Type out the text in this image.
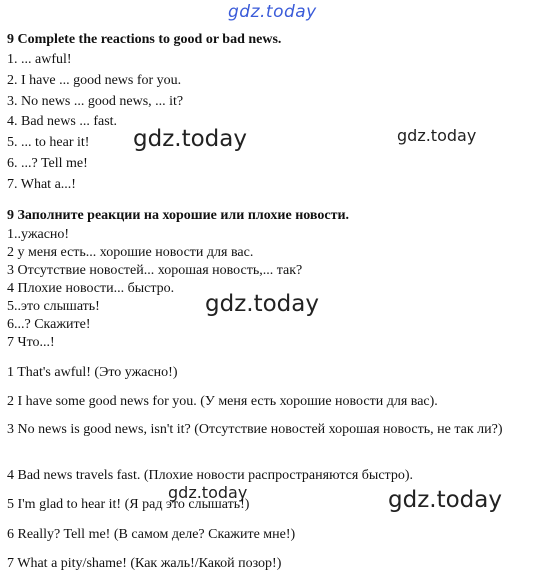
gdz.today
gdz.today	gdz.today
gdz.today
gdz.today	gdz.today
9 Complete the reactions to good or bad news.
1. ... awful!
2. I have ... good news for you.
3. No news ... good news, ... it?
4. Bad news ... fast.
5. ... to hear it!
6. ...? Tell me!
7. What a...!
9 Заполните реакции на хорошие или плохие новости.
1..ужасно!
2 у меня есть... хорошие новости для вас.
3 Отсутствие новостей... хорошая новость,... так?
4 Плохие новости... быстро.
5..это слышать!
6...? Скажите!
7 Что...!
1 That's awful! (Это ужасно!)
2 I have some good news for you. (У меня есть хорошие новости для вас).
3 No news is good news, isn't it? (Отсутствие новостей хорошая новость, не так ли?)
4 Bad news travels fast. (Плохие новости распространяются быстро).
5 I'm glad to hear it! (Я рад это слышать!)
6 Really? Tell me! (В самом деле? Скажите мне!)
7 What a pity/shame! (Как жаль!/Какой позор!)
